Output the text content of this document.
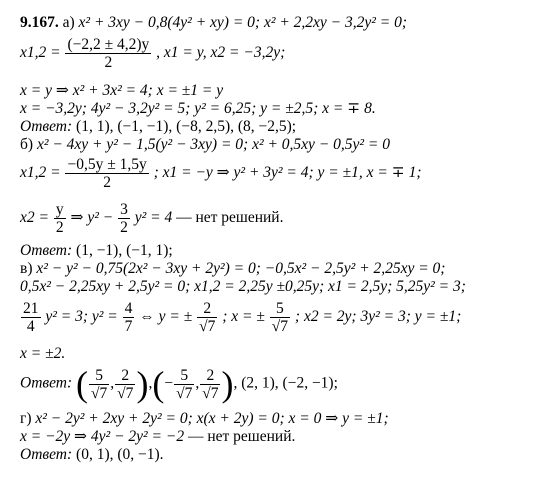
9.167. а) x² + 3xy − 0,8(4y² + xy) = 0; x² + 2,2xy − 3,2y² = 0;
$x1,2 = \frac{(-2,2 \pm 4,2)y}{2}$ , x1 = y, x2 = −3,2y;
x = y ⇒ x² + 3x² = 4; x = ±1 = y
x = −3,2y; 4y² − 3,2y² = 5; y² = 6,25; y = ±2,5; x = ∓ 8.
Ответ: (1, 1), (−1, −1), (−8, 2,5), (8, −2,5);
б) x² − 4xy + y² − 1,5(y² − 3xy) = 0; x² + 0,5xy − 0,5y² = 0
$x1,2 = \frac{-0,5y \pm 1,5y}{2}$ ; x1 = −y ⇒ y² + 3y² = 4; y = ±1, x = ∓ 1;
$x2 = \frac{y}{2}$ ⇒ $y^2 - \frac{3}{2} y^2 = 4$ — нет решений.
Ответ: (1, −1), (−1, 1);
в) x² − y² − 0,75(2x² − 3xy + 2y²) = 0; −0,5x² − 2,5y² + 2,25xy = 0;
0,5x² − 2,25xy + 2,5y² = 0; x1,2 = 2,25y ±0,25y; x1 = 2,5y; 5,25y² = 3;
$\frac{21}{4} y^2 = 3$; $y^2 = \frac{4}{7}$ ⇔ y = ± $\frac{2}{√7}$ ; x = ± $\frac{5}{√7}$ ; x2 = 2y; 3y² = 3; y = ±1;
x = ±2.
Ответ: ( $\frac{5}{√7}$ , $\frac{2}{√7}$ ),(− $\frac{5}{√7}$ , $\frac{2}{√7}$ ), (2, 1), (−2, −1);
г) x² − 2y² + 2xy + 2y² = 0; x(x + 2y) = 0; x = 0 ⇒ y = ±1;
x = −2y ⇒ 4y² − 2y² = −2 — нет решений.
Ответ: (0, 1), (0, −1).
